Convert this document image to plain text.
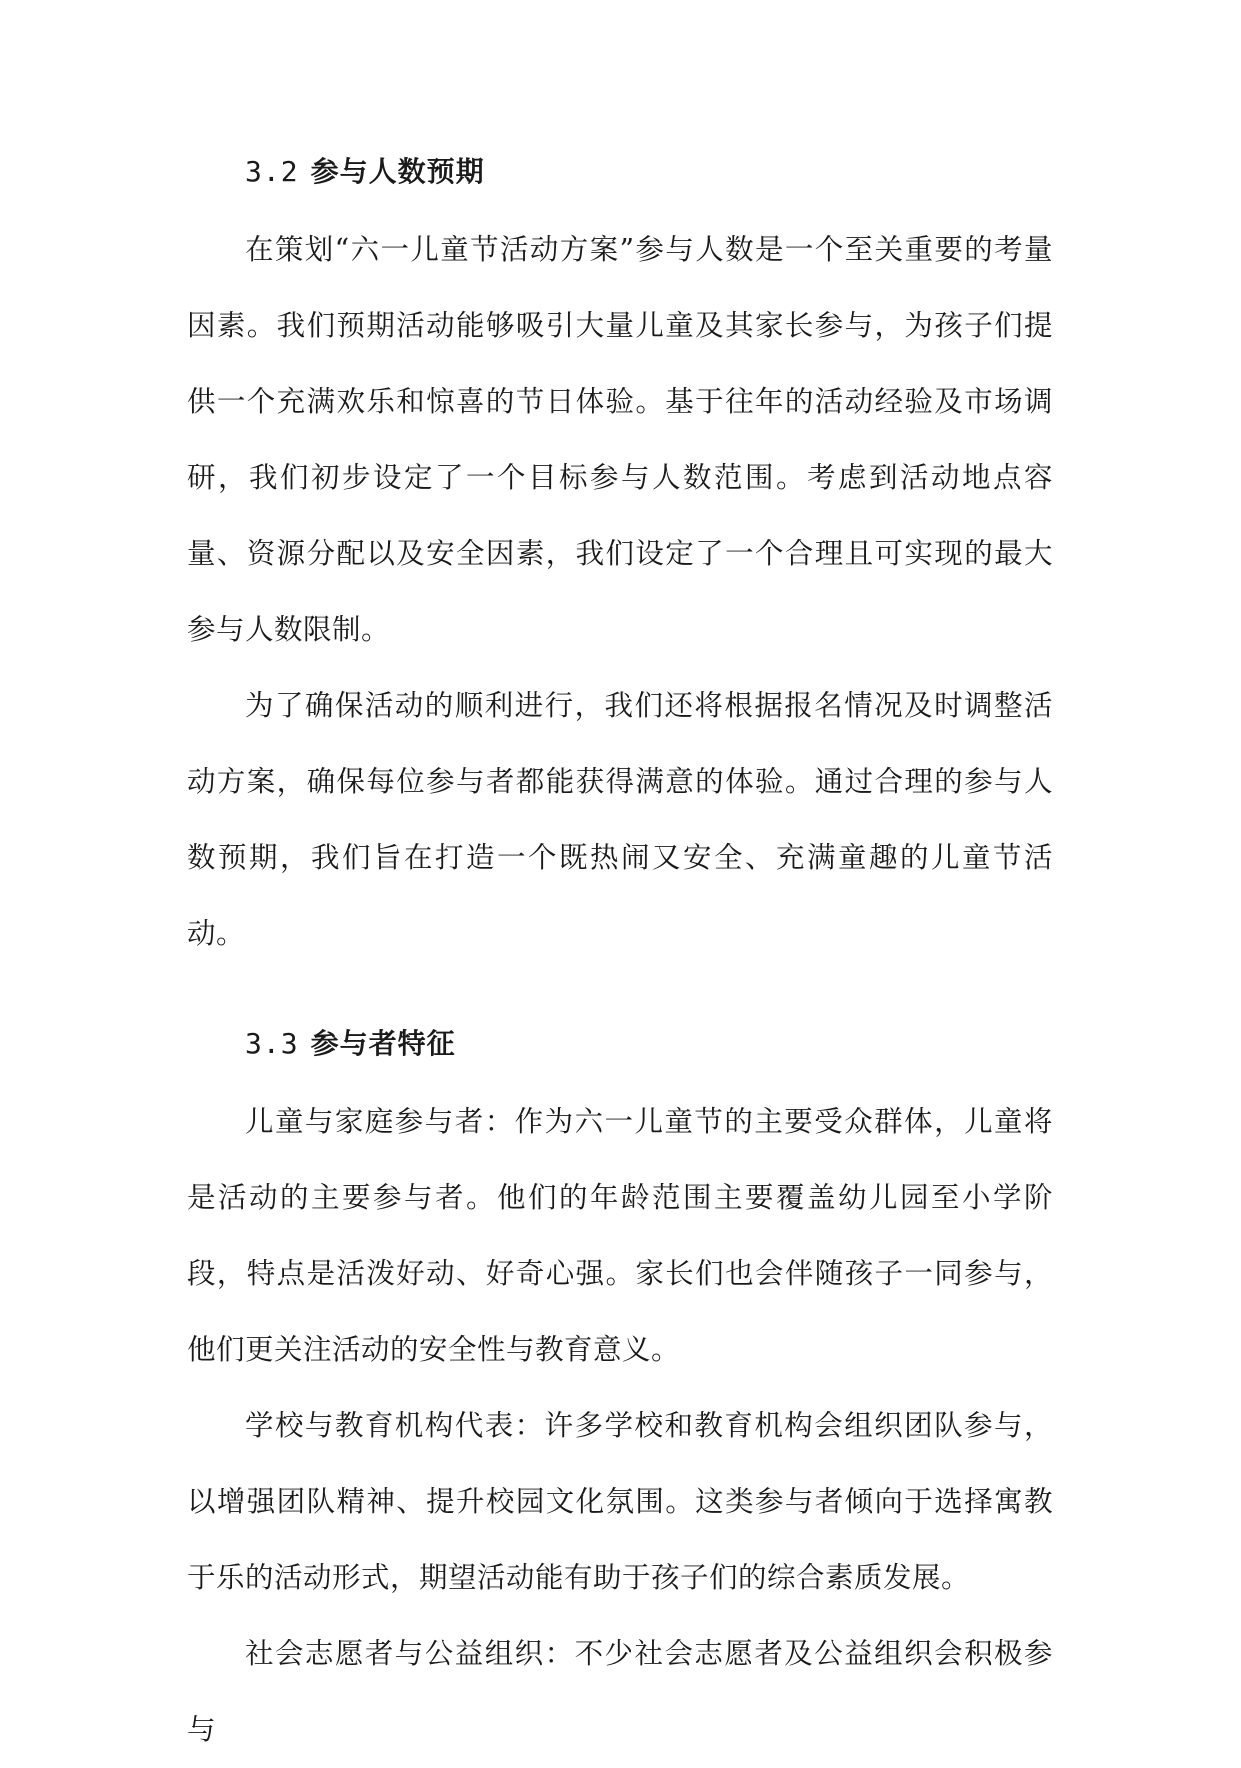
3.2 参与人数预期

在策划“六一儿童节活动方案”参与人数是一个至关重要的考量因素。我们预期活动能够吸引大量儿童及其家长参与，为孩子们提供一个充满欢乐和惊喜的节日体验。基于往年的活动经验及市场调研，我们初步设定了一个目标参与人数范围。考虑到活动地点容量、资源分配以及安全因素，我们设定了一个合理且可实现的最大参与人数限制。

为了确保活动的顺利进行，我们还将根据报名情况及时调整活动方案，确保每位参与者都能获得满意的体验。通过合理的参与人数预期，我们旨在打造一个既热闹又安全、充满童趣的儿童节活动。

3.3 参与者特征

儿童与家庭参与者：作为六一儿童节的主要受众群体，儿童将是活动的主要参与者。他们的年龄范围主要覆盖幼儿园至小学阶段，特点是活泼好动、好奇心强。家长们也会伴随孩子一同参与，他们更关注活动的安全性与教育意义。

学校与教育机构代表：许多学校和教育机构会组织团队参与，以增强团队精神、提升校园文化氛围。这类参与者倾向于选择寓教于乐的活动形式，期望活动能有助于孩子们的综合素质发展。

社会志愿者与公益组织：不少社会志愿者及公益组织会积极参与
